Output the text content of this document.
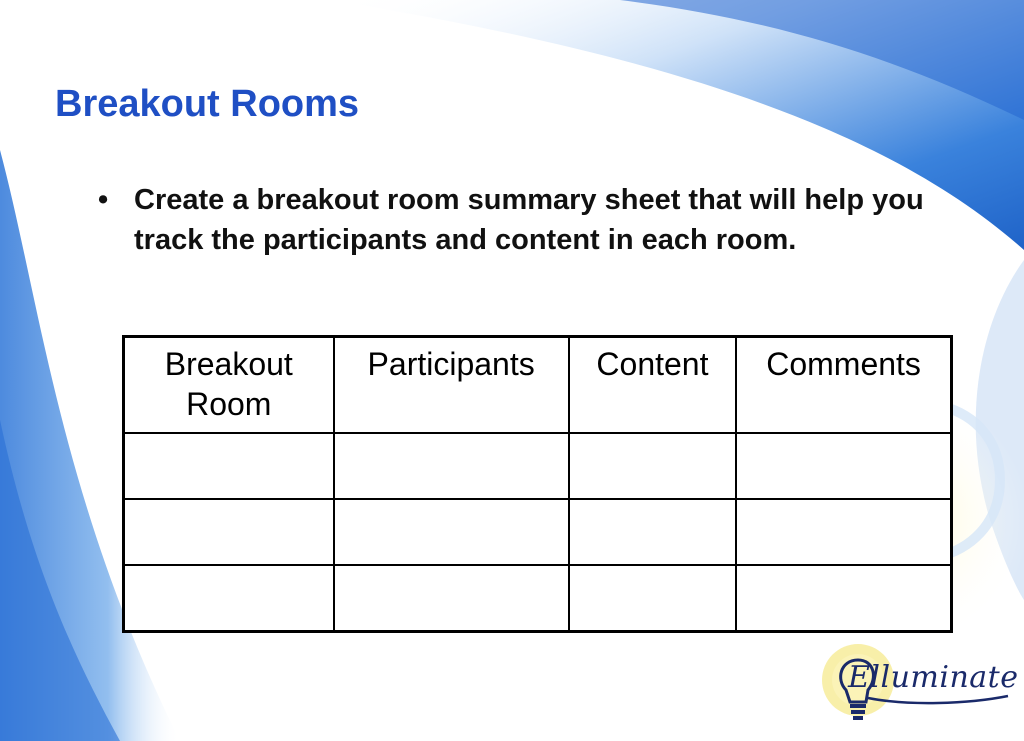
Breakout Rooms
• Create a breakout room summary sheet that will help you track the participants and content in each room.
Breakout Room	Participants	Content	Comments

Elluminate
